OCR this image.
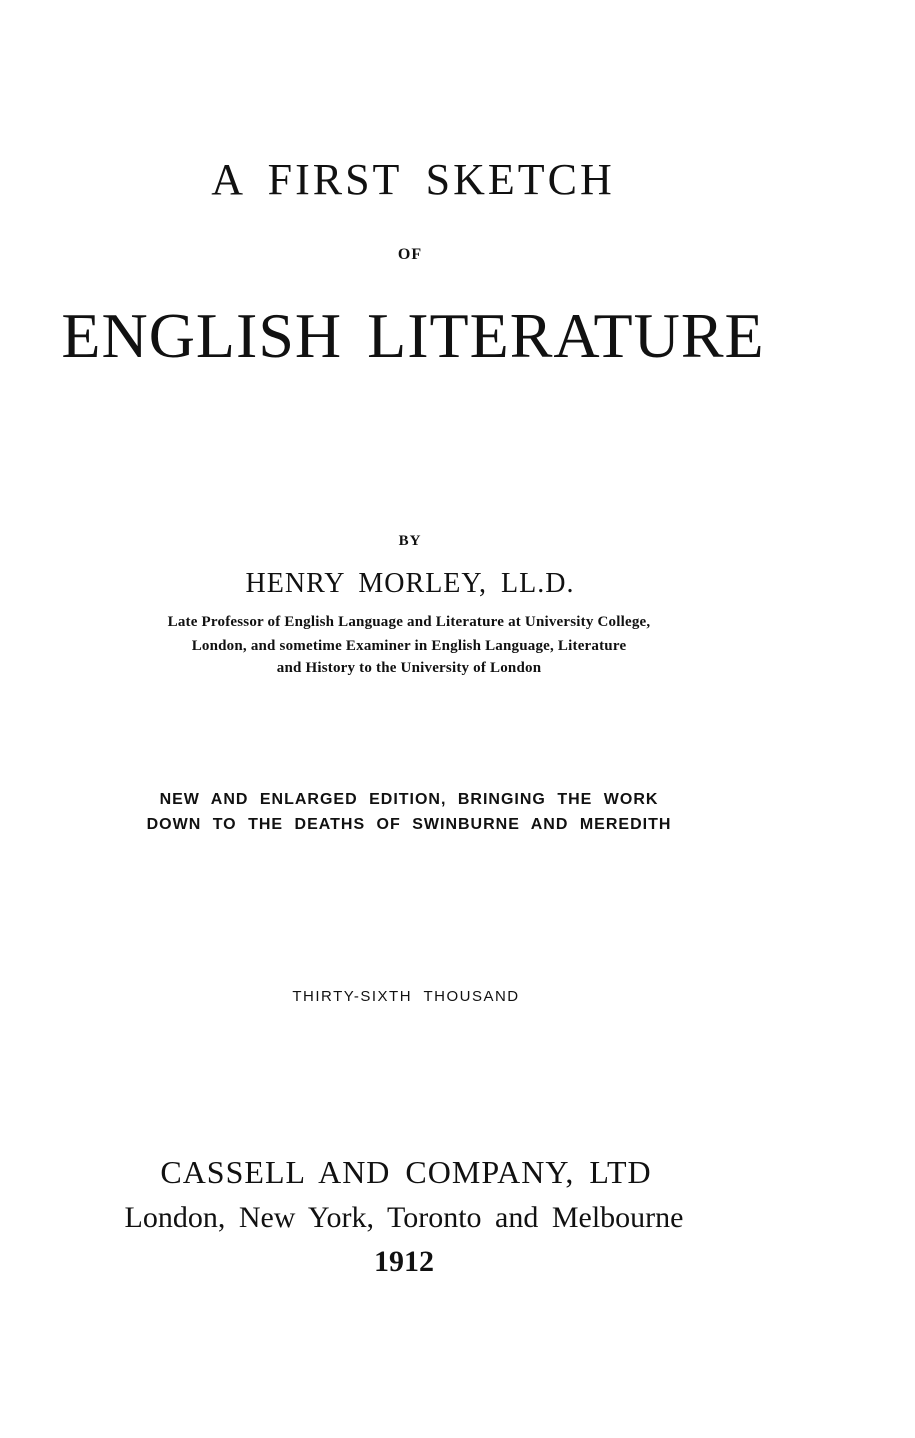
A FIRST SKETCH
OF
ENGLISH LITERATURE
BY
HENRY MORLEY, LL.D.
Late Professor of English Language and Literature at University College,
London, and sometime Examiner in English Language, Literature
and History to the University of London
NEW AND ENLARGED EDITION, BRINGING THE WORK
DOWN TO THE DEATHS OF SWINBURNE AND MEREDITH
THIRTY-SIXTH THOUSAND
CASSELL AND COMPANY, LTD
London, New York, Toronto and Melbourne
1912
